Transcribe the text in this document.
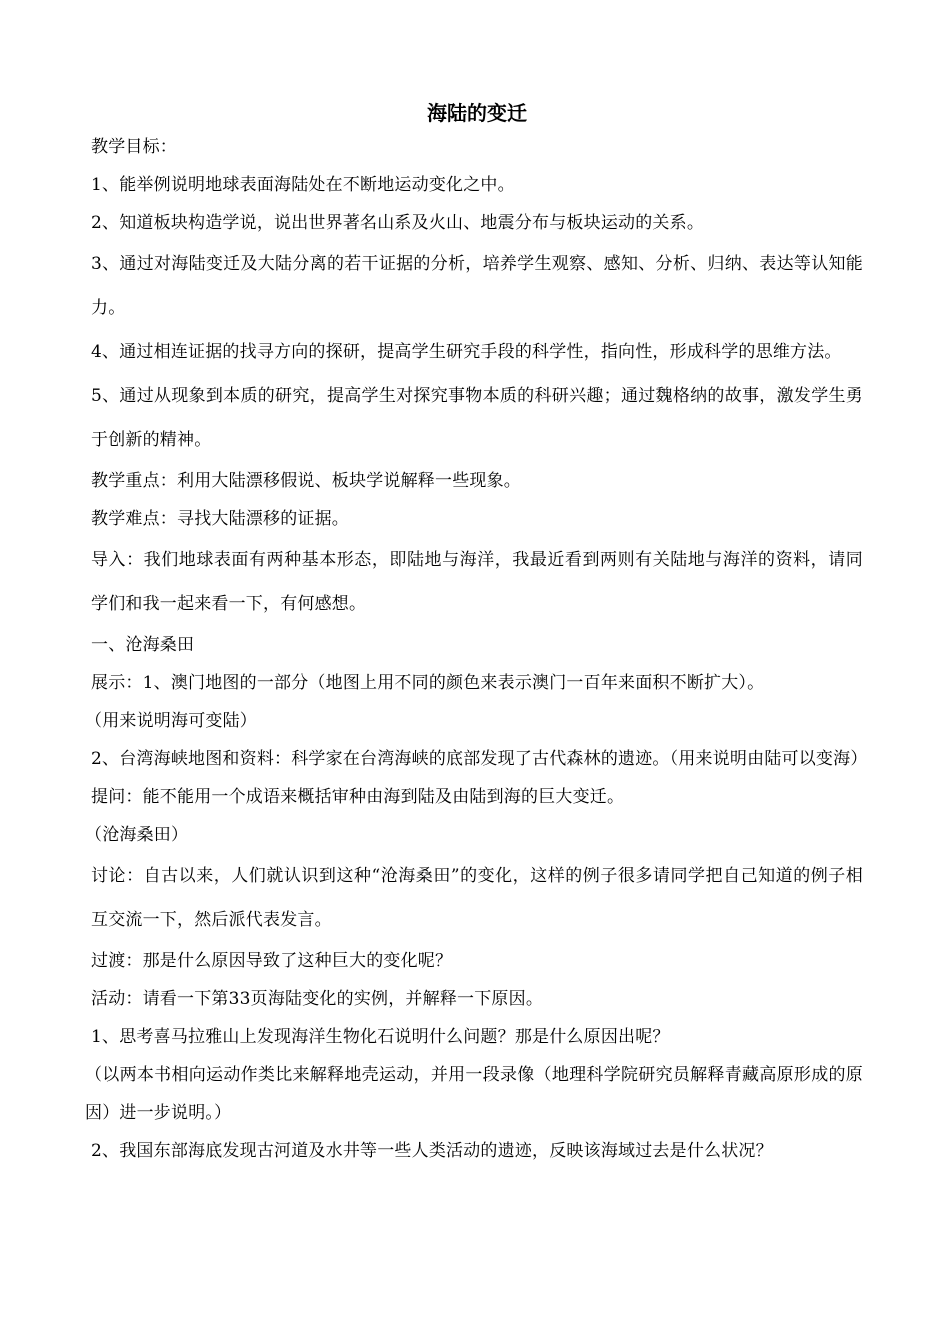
海陆的变迁

教学目标：

1、能举例说明地球表面海陆处在不断地运动变化之中。

2、知道板块构造学说，说出世界著名山系及火山、地震分布与板块运动的关系。

3、通过对海陆变迁及大陆分离的若干证据的分析，培养学生观察、感知、分析、归纳、表达等认知能力。

4、通过相连证据的找寻方向的探研，提高学生研究手段的科学性，指向性，形成科学的思维方法。

5、通过从现象到本质的研究，提高学生对探究事物本质的科研兴趣；通过魏格纳的故事，激发学生勇于创新的精神。

教学重点：利用大陆漂移假说、板块学说解释一些现象。

教学难点：寻找大陆漂移的证据。

导入：我们地球表面有两种基本形态，即陆地与海洋，我最近看到两则有关陆地与海洋的资料，请同学们和我一起来看一下，有何感想。

一、沧海桑田

展示：1、澳门地图的一部分（地图上用不同的颜色来表示澳门一百年来面积不断扩大）。

（用来说明海可变陆）

2、台湾海峡地图和资料：科学家在台湾海峡的底部发现了古代森林的遗迹。（用来说明由陆可以变海）

提问：能不能用一个成语来概括审种由海到陆及由陆到海的巨大变迁。

（沧海桑田）

讨论：自古以来，人们就认识到这种“沧海桑田”的变化，这样的例子很多请同学把自己知道的例子相互交流一下，然后派代表发言。

过渡：那是什么原因导致了这种巨大的变化呢？

活动：请看一下第33页海陆变化的实例，并解释一下原因。

1、思考喜马拉雅山上发现海洋生物化石说明什么问题？那是什么原因出呢？

（以两本书相向运动作类比来解释地壳运动，并用一段录像（地理科学院研究员解释青藏高原形成的原因）进一步说明。）

2、我国东部海底发现古河道及水井等一些人类活动的遗迹，反映该海域过去是什么状况？
